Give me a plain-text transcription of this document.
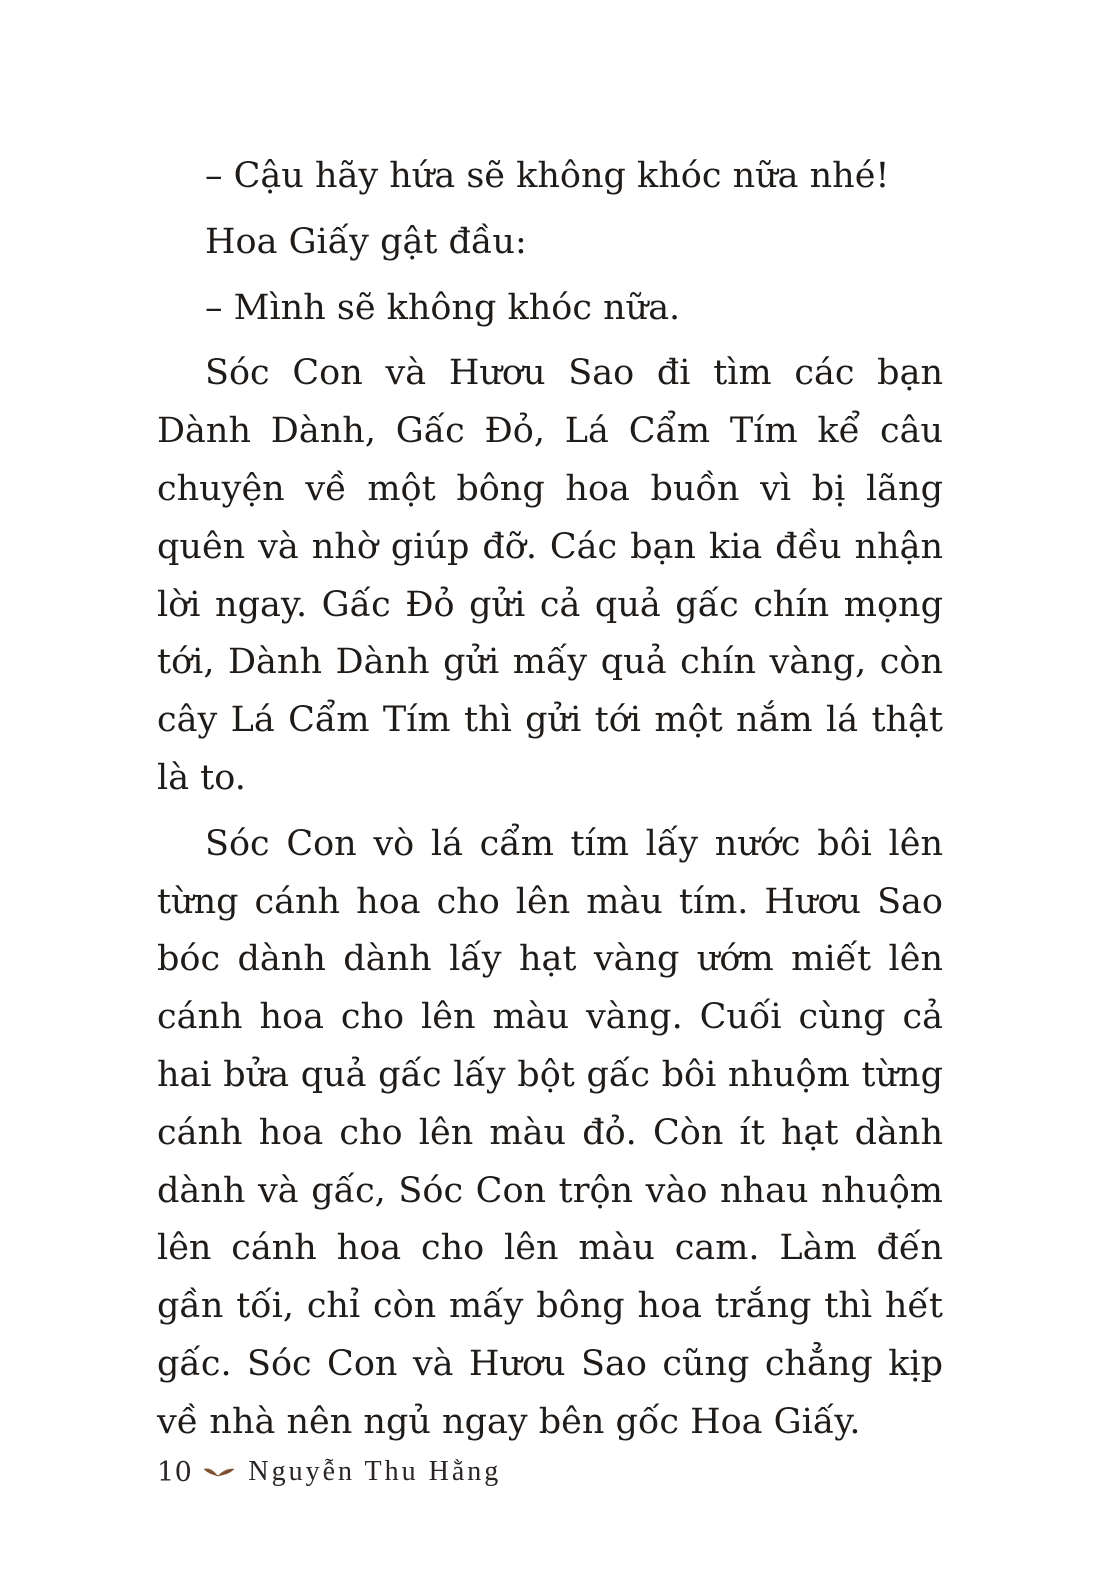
– Cậu hãy hứa sẽ không khóc nữa nhé!

Hoa Giấy gật đầu:

– Mình sẽ không khóc nữa.

Sóc Con và Hươu Sao đi tìm các bạn Dành Dành, Gấc Đỏ, Lá Cẩm Tím kể câu chuyện về một bông hoa buồn vì bị lãng quên và nhờ giúp đỡ. Các bạn kia đều nhận lời ngay. Gấc Đỏ gửi cả quả gấc chín mọng tới, Dành Dành gửi mấy quả chín vàng, còn cây Lá Cẩm Tím thì gửi tới một nắm lá thật là to.

Sóc Con vò lá cẩm tím lấy nước bôi lên từng cánh hoa cho lên màu tím. Hươu Sao bóc dành dành lấy hạt vàng ướm miết lên cánh hoa cho lên màu vàng. Cuối cùng cả hai bửa quả gấc lấy bột gấc bôi nhuộm từng cánh hoa cho lên màu đỏ. Còn ít hạt dành dành và gấc, Sóc Con trộn vào nhau nhuộm lên cánh hoa cho lên màu cam. Làm đến gần tối, chỉ còn mấy bông hoa trắng thì hết gấc. Sóc Con và Hươu Sao cũng chẳng kịp về nhà nên ngủ ngay bên gốc Hoa Giấy.

10 Nguyễn Thu Hằng
